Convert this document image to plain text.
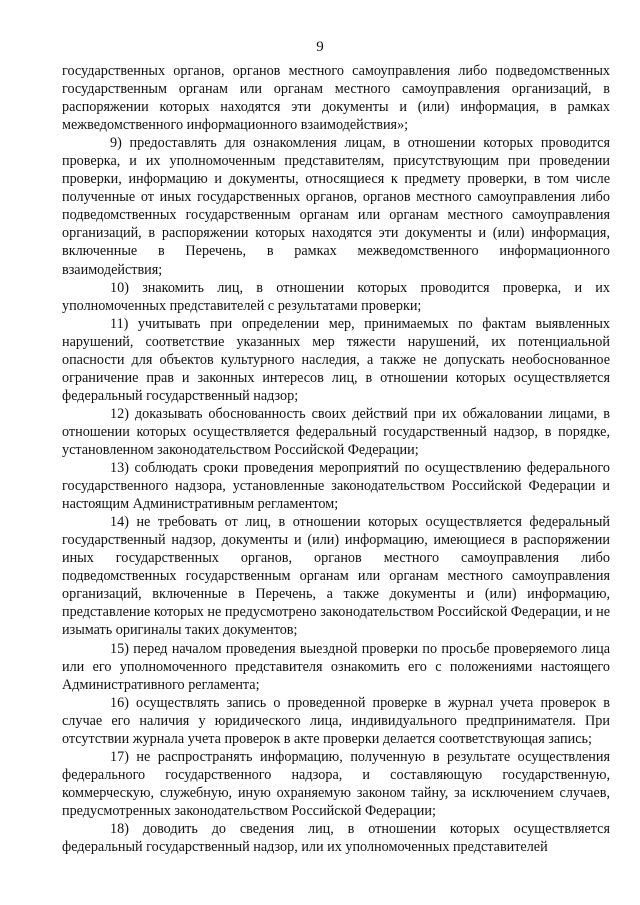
9

государственных органов, органов местного самоуправления либо подведомственных государственным органам или органам местного самоуправления организаций, в распоряжении которых находятся эти документы и (или) информация, в рамках межведомственного информационного взаимодействия»;

9) предоставлять для ознакомления лицам, в отношении которых проводится проверка, и их уполномоченным представителям, присутствующим при проведении проверки, информацию и документы, относящиеся к предмету проверки, в том числе полученные от иных государственных органов, органов местного самоуправления либо подведомственных государственным органам или органам местного самоуправления организаций, в распоряжении которых находятся эти документы и (или) информация, включенные в Перечень, в рамках межведомственного информационного взаимодействия;

10) знакомить лиц, в отношении которых проводится проверка, и их уполномоченных представителей с результатами проверки;

11) учитывать при определении мер, принимаемых по фактам выявленных нарушений, соответствие указанных мер тяжести нарушений, их потенциальной опасности для объектов культурного наследия, а также не допускать необоснованное ограничение прав и законных интересов лиц, в отношении которых осуществляется федеральный государственный надзор;

12) доказывать обоснованность своих действий при их обжаловании лицами, в отношении которых осуществляется федеральный государственный надзор, в порядке, установленном законодательством Российской Федерации;

13) соблюдать сроки проведения мероприятий по осуществлению федерального государственного надзора, установленные законодательством Российской Федерации и настоящим Административным регламентом;

14) не требовать от лиц, в отношении которых осуществляется федеральный государственный надзор, документы и (или) информацию, имеющиеся в распоряжении иных государственных органов, органов местного самоуправления либо подведомственных государственным органам или органам местного самоуправления организаций, включенные в Перечень, а также документы и (или) информацию, представление которых не предусмотрено законодательством Российской Федерации, и не изымать оригиналы таких документов;

15) перед началом проведения выездной проверки по просьбе проверяемого лица или его уполномоченного представителя ознакомить его с положениями настоящего Административного регламента;

16) осуществлять запись о проведенной проверке в журнал учета проверок в случае его наличия у юридического лица, индивидуального предпринимателя. При отсутствии журнала учета проверок в акте проверки делается соответствующая запись;

17) не распространять информацию, полученную в результате осуществления федерального государственного надзора, и составляющую государственную, коммерческую, служебную, иную охраняемую законом тайну, за исключением случаев, предусмотренных законодательством Российской Федерации;

18) доводить до сведения лиц, в отношении которых осуществляется федеральный государственный надзор, или их уполномоченных представителей
